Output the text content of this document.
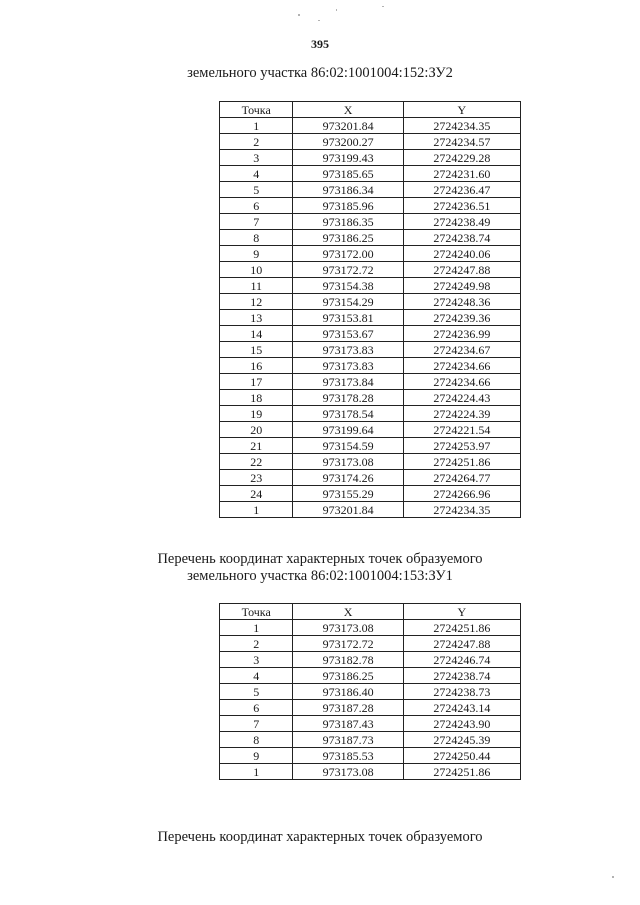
395
земельного участка 86:02:1001004:152:ЗУ2
Точка	X	Y
1	973201.84	2724234.35
2	973200.27	2724234.57
3	973199.43	2724229.28
4	973185.65	2724231.60
5	973186.34	2724236.47
6	973185.96	2724236.51
7	973186.35	2724238.49
8	973186.25	2724238.74
9	973172.00	2724240.06
10	973172.72	2724247.88
11	973154.38	2724249.98
12	973154.29	2724248.36
13	973153.81	2724239.36
14	973153.67	2724236.99
15	973173.83	2724234.67
16	973173.83	2724234.66
17	973173.84	2724234.66
18	973178.28	2724224.43
19	973178.54	2724224.39
20	973199.64	2724221.54
21	973154.59	2724253.97
22	973173.08	2724251.86
23	973174.26	2724264.77
24	973155.29	2724266.96
1	973201.84	2724234.35
Перечень координат характерных точек образуемого
земельного участка 86:02:1001004:153:ЗУ1
Точка	X	Y
1	973173.08	2724251.86
2	973172.72	2724247.88
3	973182.78	2724246.74
4	973186.25	2724238.74
5	973186.40	2724238.73
6	973187.28	2724243.14
7	973187.43	2724243.90
8	973187.73	2724245.39
9	973185.53	2724250.44
1	973173.08	2724251.86
Перечень координат характерных точек образуемого
